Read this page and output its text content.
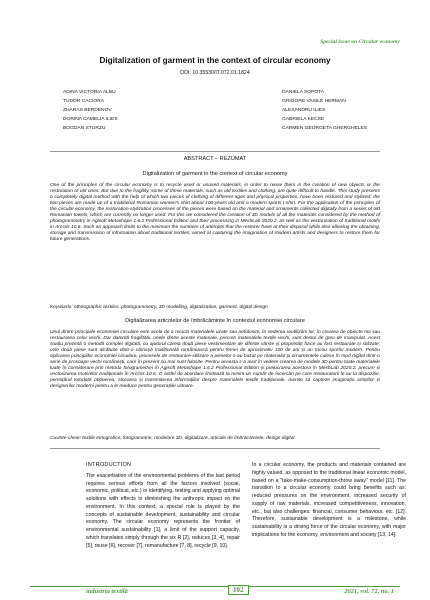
Special issue on Circular economy
Digitalization of garment in the context of circular economy
DOI: 10.35530/IT.072.01.1824
ADINA VICTORIA ALBU
TUDOR CACIORA
ZHARAS BERDENOV
DORINA CAMELIA ILIES
BOGDAN STURZU
DANIELA SOPOTA
GRIGORE VASILE HERMAN
ALEXANDRU ILIES
GABRIELA KECSE
CARMEN GEORGETA GHERGHELES
ABSTRACT – REZUMAT
Digitalization of garment in the context of circular economy
One of the principles of the circular economy is to recycle used or unused materials, in order to reuse them in the creation of new objects or the restoration of old ones. But due to the fragility, some of these materials, such as old textiles and clothing, are quite difficult to handle. This study presents a completely digital method with the help of which two pieces of clothing of different ages and physical properties, have been restored and stylized; the two pieces are made up of a traditional Romanian women's shirt about 100 years old and a modern sports t-shirt. For the application of the principles of the circular economy, the restoration-stylization processes of the pieces were based on the material and ornaments collected digitally from a series of old Romanian towels, which are currently no longer used. For this we considered the creation of 3D models of all the materials considered by the method of photogrammetry in Agisoft Metashape 1.6.2 Professional Edition and their processing in MeshLab 2020.2, as well as the vectorization of traditional motifs in ArcGis 10.6. Such an approach limits to the minimum the numbers of attempts that the restorer have at their disposal while also allowing the obtaining, storage and transmission of information about traditional textiles, aimed at capturing the imagination of modern artists and designers to restore them for future generations.
Keywords: ethnographic textiles, photogrammetry, 3D modelling, digitalization, garment, digital design
Digitalizarea articolelor de îmbrăcăminte în contextul economiei circulare
Unul dintre principiile economiei circulare este acela de a recicla materialele uzate sau nefolosite, în vederea reutilizării lor, în crearea de obiecte noi sau restaurarea celor vechi. Dar datorită fragilității, unele dintre aceste materiale, precum materialele textile vechi, sunt destul de greu de manipulat. Acest studiu prezintă o metodă complet digitală, cu ajutorul căreia două piese vestimentare de diferite vârste și proprietăți fizice au fost restaurate și stilizate; cele două piese sunt alcătuite dintr-o cămașă tradițională românească pentru femei de aproximativ 100 de ani și un tricou sportiv modern. Pentru aplicarea principiilor economiei circulare, procesele de restaurare-stilizare a pieselor s-au bazat pe materialul și ornamentele culese în mod digital dintr-o serie de prosoape vechi românești, care în prezent nu mai sunt folosite. Pentru aceasta s-a avut în vedere crearea de modele 3D pentru toate materialele luate în considerare prin metoda fotogrametriei în Agisoft Metashape 1.6.2 Professional Edition și prelucrarea acestora în MeshLab 2020.2, precum și vectorizarea motivelor tradiționale în ArcGis 10.6. O astfel de abordare limitează la minim un număr de încercări pe care restauratorii le au la dispoziție, permițând totodată obținerea, stocarea și transmiterea informațiilor despre materialele textile tradiționale, menite să capteze imaginația artiștilor și designerilor moderni pentru a le readuce pentru generațiile viitoare.
Cuvinte-cheie: textile etnografice, fotogrametrie, modelare 3D, digitalizare, articole de îmbrăcăminte, design digital
INTRODUCTION

The exacerbation of the environmental problems of the last period requires serious efforts from all the factors involved (social, economic, political, etc.) in identifying, testing and applying optimal solutions with effects in diminishing the anthropic impact on the environment. In this context, a special role is played by the concepts of sustainable development, sustainability and circular economy. The circular economy represents the frontier of environmental sustainability [1], a limit of the support capacity, which translates simply through the six R [2], reduces [3, 4], repair [5], reuse [6], recover [7], remanufacture [7, 8], recycle [9, 10].

In a circular economy, the products and materials contained are highly valued, as opposed to the traditional linear economic model, based on a "take-make-consumption-throw away" model [11]. The transition to a circular economy could bring benefits such as: reduced pressures on the environment, increased security of supply of raw materials, increased competitiveness, innovation, etc., but also challenges: financial, consumer behaviour, etc. [12]. Therefore, sustainable development is a milestone, while sustainability is a driving force of the circular economy, with major implications for the economy, environment and society [13, 14].

industria textilă	102	2021, vol. 72, no. 1
